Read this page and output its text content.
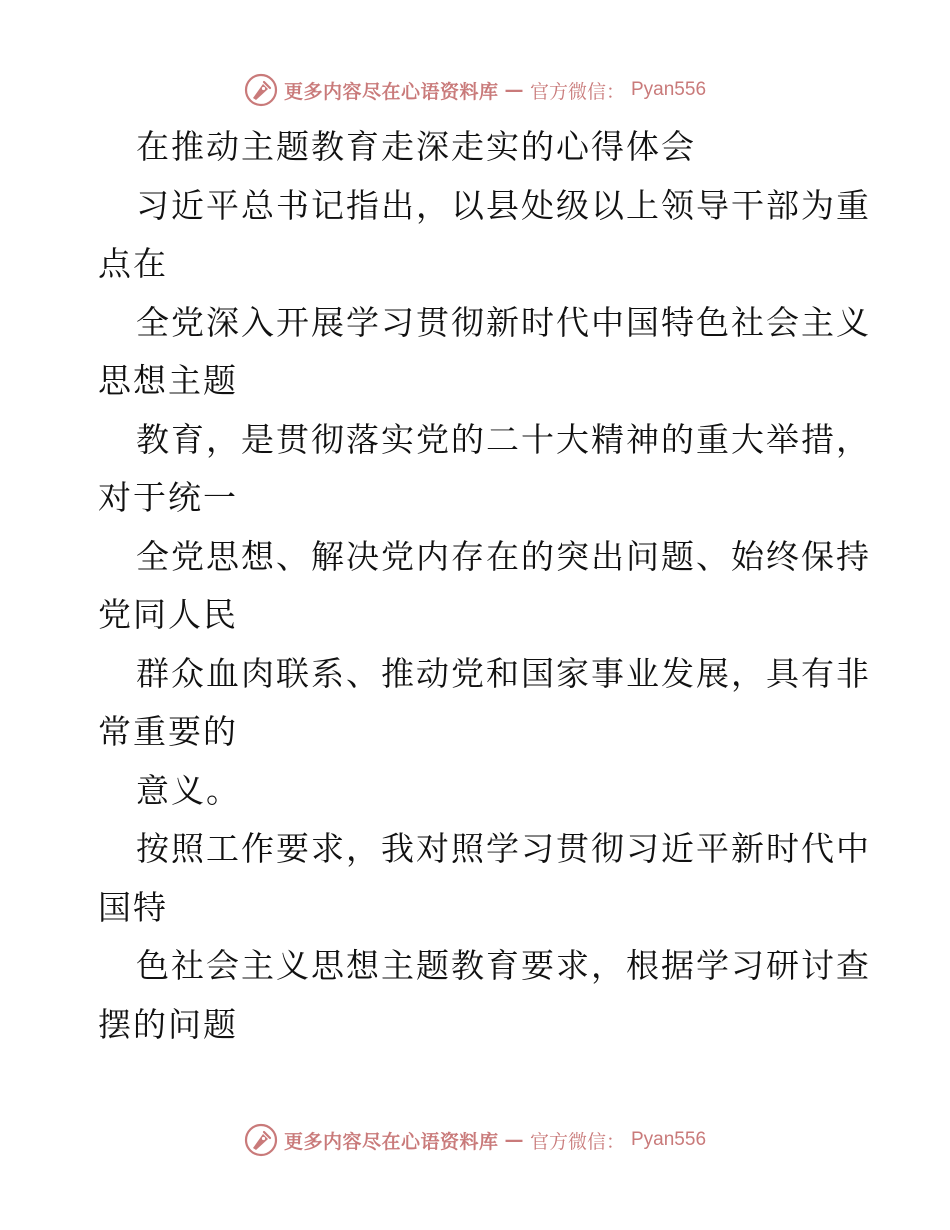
更多内容尽在心语资料库 — 官方微信： Pyan556
在推动主题教育走深走实的心得体会
习近平总书记指出，以县处级以上领导干部为重
点在
全党深入开展学习贯彻新时代中国特色社会主义
思想主题
教育，是贯彻落实党的二十大精神的重大举措，
对于统一
全党思想、解决党内存在的突出问题、始终保持
党同人民
群众血肉联系、推动党和国家事业发展，具有非
常重要的
意义。
按照工作要求，我对照学习贯彻习近平新时代中
国特
色社会主义思想主题教育要求，根据学习研讨查
摆的问题
更多内容尽在心语资料库 — 官方微信： Pyan556
